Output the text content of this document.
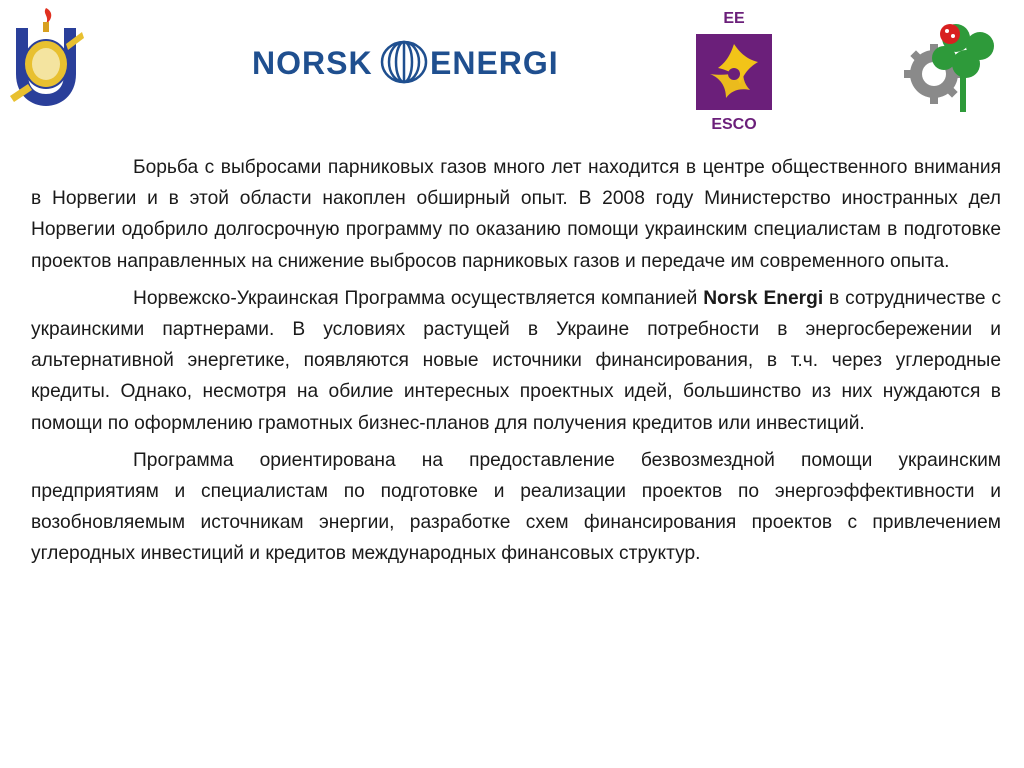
NORSK ENERGI
EE
ESCO

Борьба с выбросами парниковых газов много лет находится в центре общественного внимания в Норвегии и в этой области накоплен обширный опыт. В 2008 году Министерство иностранных дел Норвегии одобрило долгосрочную программу по оказанию помощи украинским специалистам в подготовке проектов направленных на снижение выбросов парниковых газов и передаче им современного опыта.

Норвежско-Украинская Программа осуществляется компанией Norsk Energi в сотрудничестве с украинскими партнерами. В условиях растущей в Украине потребности в энергосбережении и альтернативной энергетике, появляются новые источники финансирования, в т.ч. через углеродные кредиты. Однако, несмотря на обилие интересных проектных идей, большинство из них нуждаются в помощи по оформлению грамотных бизнес-планов для получения кредитов или инвестиций.

Программа ориентирована на предоставление безвозмездной помощи украинским предприятиям и специалистам по подготовке и реализации проектов по энергоэффективности и возобновляемым источникам энергии, разработке схем финансирования проектов с привлечением углеродных инвестиций и кредитов международных финансовых структур.
